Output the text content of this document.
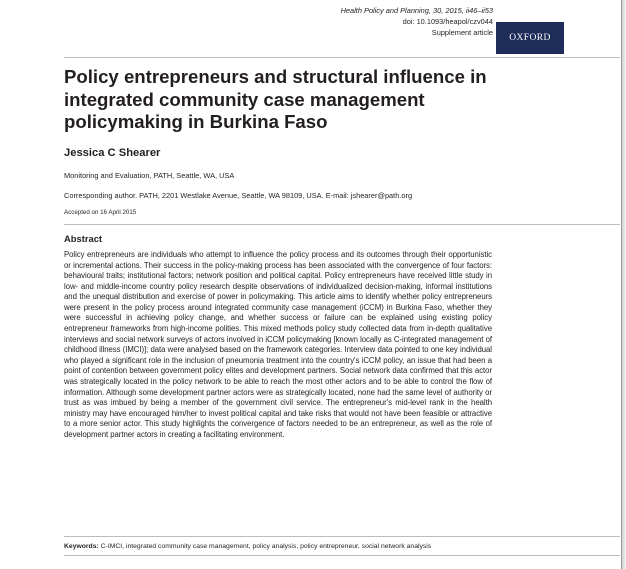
Health Policy and Planning, 30, 2015, ii46–ii53
doi: 10.1093/heapol/czv044
Supplement article
OXFORD
Policy entrepreneurs and structural influence in integrated community case management policymaking in Burkina Faso

Jessica C Shearer

Monitoring and Evaluation, PATH, Seattle, WA, USA

Corresponding author. PATH, 2201 Westlake Avenue, Seattle, WA 98109, USA. E-mail: jshearer@path.org

Accepted on 16 April 2015

Abstract

Policy entrepreneurs are individuals who attempt to influence the policy process and its outcomes through their opportunistic or incremental actions. Their success in the policy-making process has been associated with the convergence of four factors: behavioural traits; institutional factors; network position and political capital. Policy entrepreneurs have received little study in low- and middle-income country policy research despite observations of individualized decision-making, informal institutions and the unequal distribution and exercise of power in policymaking. This article aims to identify whether policy entrepreneurs were present in the policy process around integrated community case management (iCCM) in Burkina Faso, whether they were successful in achieving policy change, and whether success or failure can be explained using existing policy entrepreneur frameworks from high-income polities. This mixed methods policy study collected data from in-depth qualitative interviews and social network surveys of actors involved in iCCM policymaking [known locally as C-integrated management of childhood illness (IMCI)]; data were analysed based on the framework categories. Interview data pointed to one key individual who played a significant role in the inclusion of pneumonia treatment into the country's iCCM policy, an issue that had been a point of contention between government policy elites and development partners. Social network data confirmed that this actor was strategically located in the policy network to be able to reach the most other actors and to be able to control the flow of information. Although some development partner actors were as strategically located, none had the same level of authority or trust as was imbued by being a member of the government civil service. The entrepreneur's mid-level rank in the health ministry may have encouraged him/her to invest political capital and take risks that would not have been feasible or attractive to a more senior actor. This study highlights the convergence of factors needed to be an entrepreneur, as well as the role of development partner actors in creating a facilitating environment.

Keywords: C-IMCI, integrated community case management, policy analysis, policy entrepreneur, social network analysis
